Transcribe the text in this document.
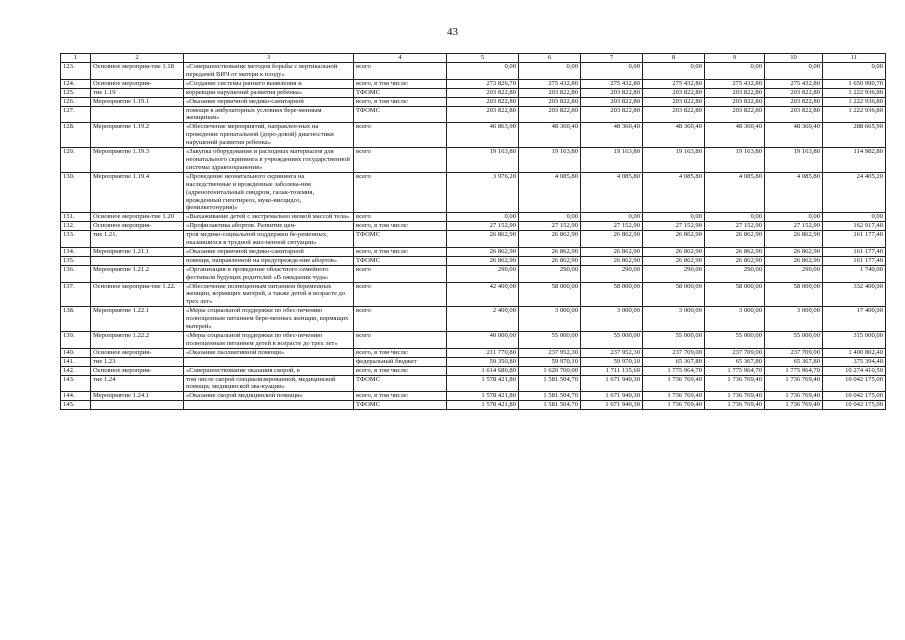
43
1	2	3	4	5	6	7	8	9	10	11
123.	Основное мероприя-тие 1.18	«Совершенствование методов борьбы с вертикальной передачей ВИЧ от матери к плоду»	всего	0,00	0,00	0,00	0,00	0,00	0,00	0,00
124.	Основное мероприя-	«Создание системы раннего выявления и	всего, в том числе:	273 826,70	275 432,80	275 432,80	275 432,80	275 432,80	275 432,80	1 650 990,70
125.	тие 1.19	коррекции нарушений развития ребенка»	ТФОМС	203 822,80	203 822,80	203 822,80	203 822,80	203 822,80	203 822,80	1 222 936,80
126.	Мероприятие 1.19.1	«Оказание первичной медико-санитарной	всего, в том числе:	203 822,80	203 822,80	203 822,80	203 822,80	203 822,80	203 822,80	1 222 936,80
127.		помощи в амбулаторных условиях бере-менным женщинам»	ТФОМС	203 822,80	203 822,80	203 822,80	203 822,80	203 822,80	203 822,80	1 222 936,80
128.	Мероприятие 1.19.2	«Обеспечение мероприятий, направлен-ных на проведение пренатальной (доро-довой) диагностики нарушений развития ребенка»	всего	46 863,90	48 360,40	48 360,40	48 360,40	48 360,40	48 360,40	288 665,90
129.	Мероприятие 1.19.3	«Закупка оборудования и расходных материалов для неонатального скрининга в учреждениях государственной системы здравоохранения»	всего	19 163,80	19 163,80	19 163,80	19 163,80	19 163,80	19 163,80	114 982,80
130.	Мероприятие 1.19.4	«Проведение неонатального скрининга на наследственные и врожденные заболева-ния (адреногенитальный синдром, галак-тоземия, врожденный гипотиреоз, муко-висцидоз, фенилкетонурия)»	всего	3 976,20	4 085,80	4 085,80	4 085,80	4 085,80	4 085,80	24 405,20
131.	Основное мероприя-тие 1.20	«Выхаживание детей с экстремально низкой массой тела»	всего	0,00	0,00	0,00	0,00	0,00	0,00	0,00
132.	Основное мероприя-	«Профилактика абортов. Развитие цен-	всего, в том числе:	27 152,90	27 152,90	27 152,90	27 152,90	27 152,90	27 152,90	162 917,40
133.	тие 1.21.	тров медико-социальной поддержки бе-ременных, оказавшихся в трудной жиз-ненной ситуации»	ТФОМС	26 862,90	26 862,90	26 862,90	26 862,90	26 862,90	26 862,90	161 177,40
134.	Мероприятие 1.21.1	«Оказание первичной медико-санитарной	всего, в том числе:	26 862,90	26 862,90	26 862,90	26 862,90	26 862,90	26 862,90	161 177,40
135.		помощи, направленной на предупрежде-ние абортов»	ТФОМС	26 862,90	26 862,90	26 862,90	26 862,90	26 862,90	26 862,90	161 177,40
136.	Мероприятие 1.21.2	«Организация и проведение областного семейного фестиваля будущих родителей «В ожидании чуда»	всего	290,00	290,00	290,00	290,00	290,00	290,00	1 740,00
137.	Основное мероприя-тие 1.22.	«Обеспечение полноценным питанием беременных женщин, кормящих матерей, а также детей в возрасте до трех лет»	всего	42 400,00	58 000,00	58 000,00	58 000,00	58 000,00	58 000,00	332 400,00
138.	Мероприятие 1.22.1	«Меры социальной поддержки по обес-печению полноценным питанием бере-менных женщин, кормящих матерей»	всего	2 400,00	3 000,00	3 000,00	3 000,00	3 000,00	3 000,00	17 400,00
139.	Мероприятие 1.22.2	«Меры социальной поддержки по обес-печению полноценным питанием детей в возрасте до трех лет»	всего	40 000,00	55 000,00	55 000,00	55 000,00	55 000,00	55 000,00	315 000,00
140.	Основное мероприя-	«Оказание паллиативной помощи»	всего, в том числе:	211 770,80	237 952,30	237 952,30	237 709,00	237 709,00	237 709,00	1 400 802,40
141.	тие 1.23		федеральный бюджет	59 350,80	59 970,10	59 970,10	65 367,80	65 367,80	65 367,80	375 394,40
142.	Основное мероприя-	«Совершенствование оказания скорой, в	всего, в том числе:	1 614 680,80	1 620 700,00	1 711 135,60	1 775 964,70	1 775 964,70	1 775 964,70	10 274 410,50
143.	тие 1.24	том числе скорой специализированной, медицинской помощи, медицинской эва-куации»	ТФОМС	1 578 421,80	1 581 504,70	1 671 940,30	1 736 769,40	1 736 769,40	1 736 769,40	10 042 175,00
144.	Мероприятие 1.24.1	«Оказание скорой медицинской помощи»	всего, в том числе:	1 578 421,80	1 581 504,70	1 671 940,30	1 736 769,40	1 736 769,40	1 736 769,40	10 042 175,00
145.			ТФОМС	1 578 421,80	1 581 504,70	1 671 940,30	1 736 769,40	1 736 769,40	1 736 769,40	10 042 175,00
